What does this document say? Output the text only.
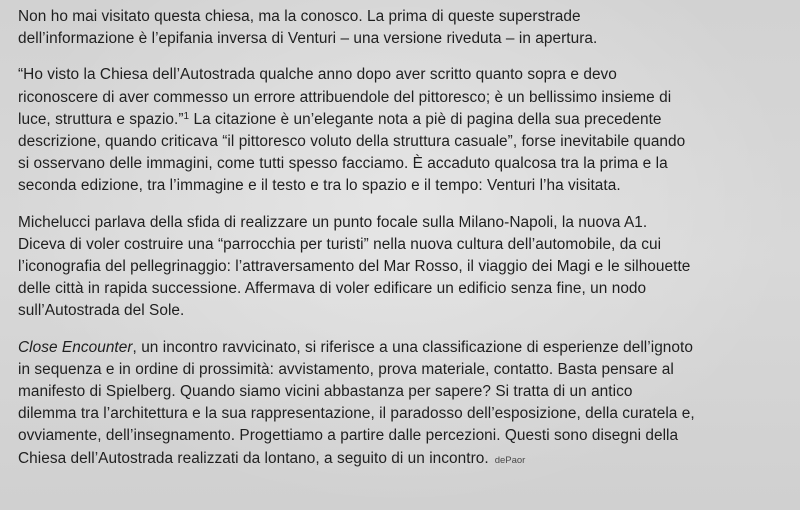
Non ho mai visitato questa chiesa, ma la conosco. La prima di queste superstrade
dell’informazione è l’epifania inversa di Venturi – una versione riveduta – in apertura.

“Ho visto la Chiesa dell’Autostrada qualche anno dopo aver scritto quanto sopra e devo
riconoscere di aver commesso un errore attribuendole del pittoresco; è un bellissimo insieme di
luce, struttura e spazio.”$^1$ La citazione è un’elegante nota a piè di pagina della sua precedente
descrizione, quando criticava “il pittoresco voluto della struttura casuale”, forse inevitabile quando
si osservano delle immagini, come tutti spesso facciamo. È accaduto qualcosa tra la prima e la
seconda edizione, tra l’immagine e il testo e tra lo spazio e il tempo: Venturi l’ha visitata.

Michelucci parlava della sfida di realizzare un punto focale sulla Milano-Napoli, la nuova A1.
Diceva di voler costruire una “parrocchia per turisti” nella nuova cultura dell’automobile, da cui
l’iconografia del pellegrinaggio: l’attraversamento del Mar Rosso, il viaggio dei Magi e le silhouette
delle città in rapida successione. Affermava di voler edificare un edificio senza fine, un nodo
sull’Autostrada del Sole.

Close Encounter, un incontro ravvicinato, si riferisce a una classificazione di esperienze dell’ignoto
in sequenza e in ordine di prossimità: avvistamento, prova materiale, contatto. Basta pensare al
manifesto di Spielberg. Quando siamo vicini abbastanza per sapere? Si tratta di un antico
dilemma tra l’architettura e la sua rappresentazione, il paradosso dell’esposizione, della curatela e,
ovviamente, dell’insegnamento. Progettiamo a partire dalle percezioni. Questi sono disegni della
Chiesa dell’Autostrada realizzati da lontano, a seguito di un incontro. dePaor
